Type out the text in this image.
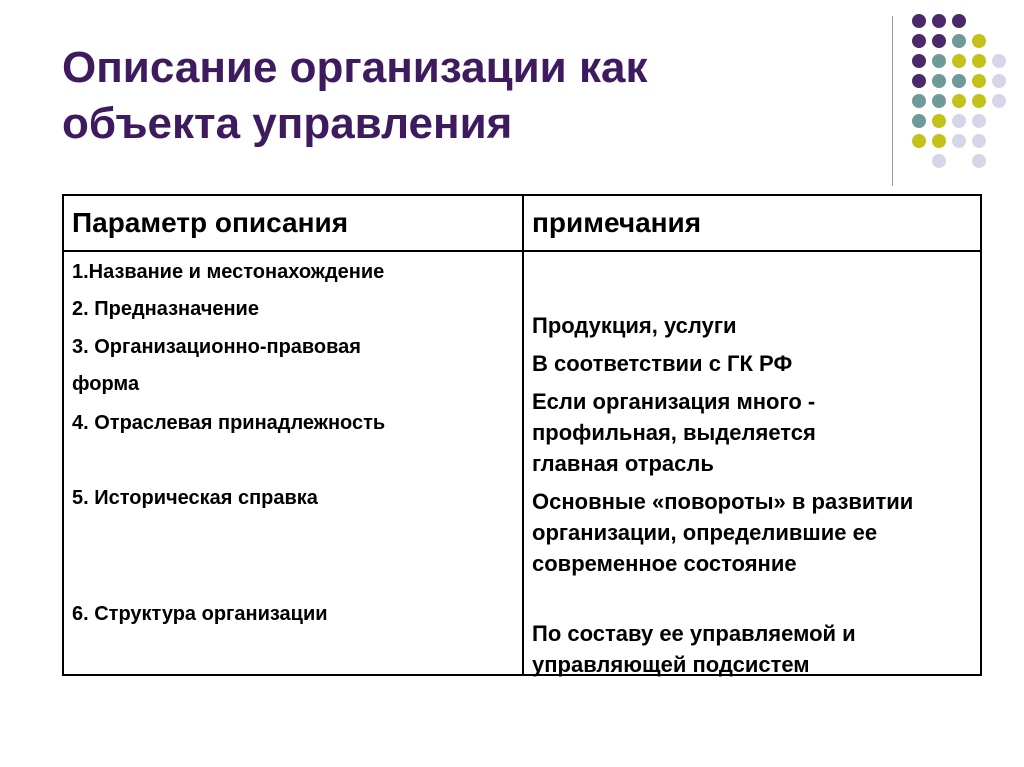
Описание организации как
объекта управления
Параметр описания	примечания
1.Название и местонахождение
2. Предназначение
3. Организационно-правовая
форма
4. Отраслевая принадлежность
5. Историческая справка
6. Структура организации
Продукция, услуги
В соответствии с ГК РФ
Если организация много - профильная, выделяется главная отрасль
Основные «повороты» в развитии организации, определившие ее современное состояние
По составу ее управляемой и управляющей подсистем
